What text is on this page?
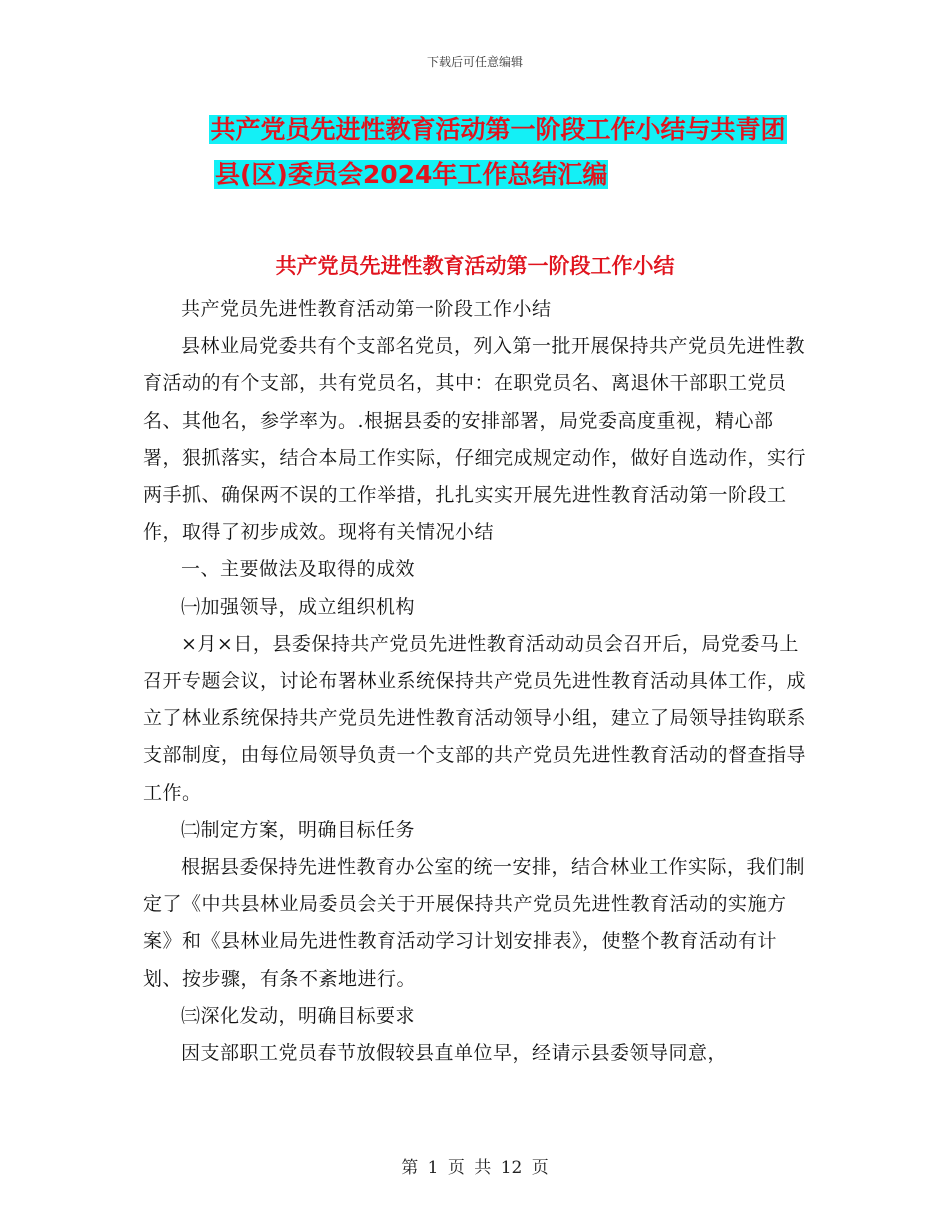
下载后可任意编辑
共产党员先进性教育活动第一阶段工作小结与共青团
县(区)委员会2024年工作总结汇编
共产党员先进性教育活动第一阶段工作小结

共产党员先进性教育活动第一阶段工作小结

县林业局党委共有个支部名党员，列入第一批开展保持共产党员先进性教育活动的有个支部，共有党员名，其中：在职党员名、离退休干部职工党员名、其他名，参学率为。.根据县委的安排部署，局党委高度重视，精心部署，狠抓落实，结合本局工作实际，仔细完成规定动作，做好自选动作，实行两手抓、确保两不误的工作举措，扎扎实实开展先进性教育活动第一阶段工作，取得了初步成效。现将有关情况小结

一、主要做法及取得的成效

㈠加强领导，成立组织机构

×月×日，县委保持共产党员先进性教育活动动员会召开后，局党委马上召开专题会议，讨论布署林业系统保持共产党员先进性教育活动具体工作，成立了林业系统保持共产党员先进性教育活动领导小组，建立了局领导挂钩联系支部制度，由每位局领导负责一个支部的共产党员先进性教育活动的督查指导工作。

㈡制定方案，明确目标任务

根据县委保持先进性教育办公室的统一安排，结合林业工作实际，我们制定了《中共县林业局委员会关于开展保持共产党员先进性教育活动的实施方案》和《县林业局先进性教育活动学习计划安排表》，使整个教育活动有计划、按步骤，有条不紊地进行。

㈢深化发动，明确目标要求

因支部职工党员春节放假较县直单位早，经请示县委领导同意，

第 1 页 共 12 页
